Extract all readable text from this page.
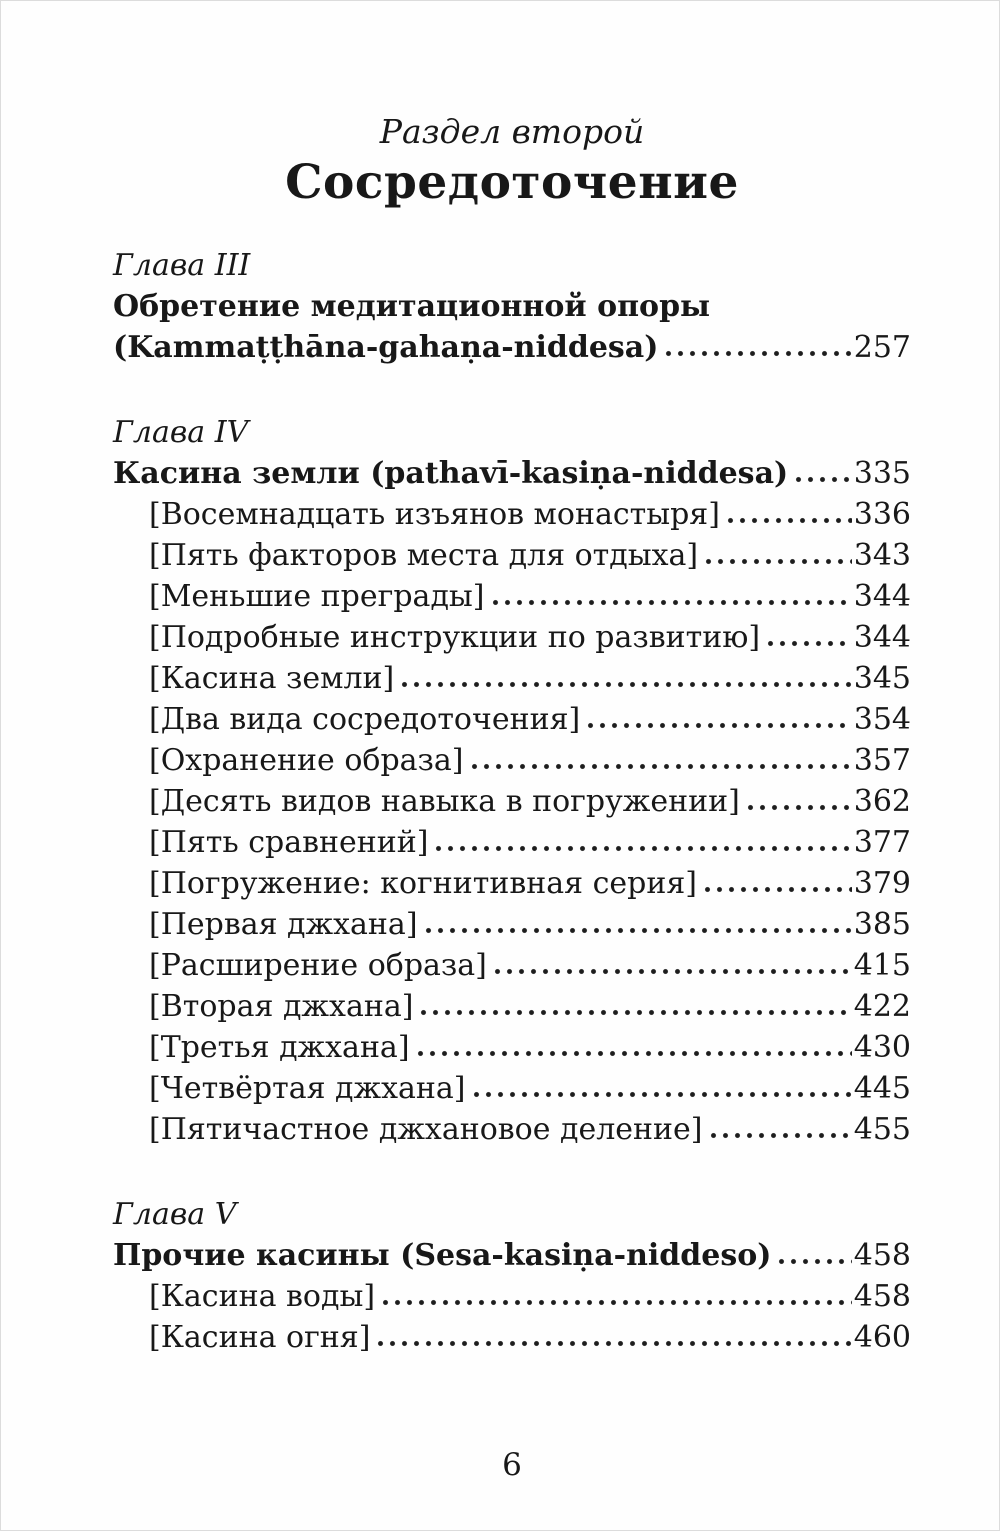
Раздел второй
Сосредоточение
Глава III
Обретение медитационной опоры
(Kammaṭṭhāna-gahaṇa-niddesa)	257
Глава IV
Касина земли (pathavī-kasiṇa-niddesa) 335
[Восемнадцать изъянов монастыря]	336
[Пять факторов места для отдыха]	343
[Меньшие преграды]	344
[Подробные инструкции по развитию]	344
[Касина земли]	345
[Два вида сосредоточения]	354
[Охранение образа]	357
[Десять видов навыка в погружении]	362
[Пять сравнений]	377
[Погружение: когнитивная серия]	379
[Первая джхана]	385
[Расширение образа]	415
[Вторая джхана]	422
[Третья джхана]	430
[Четвёртая джхана]	445
[Пятичастное джхановое деление]	455
Глава V
Прочие касины (Sesa-kasiṇa-niddeso)	458
[Касина воды]	458
[Касина огня]	460
6
